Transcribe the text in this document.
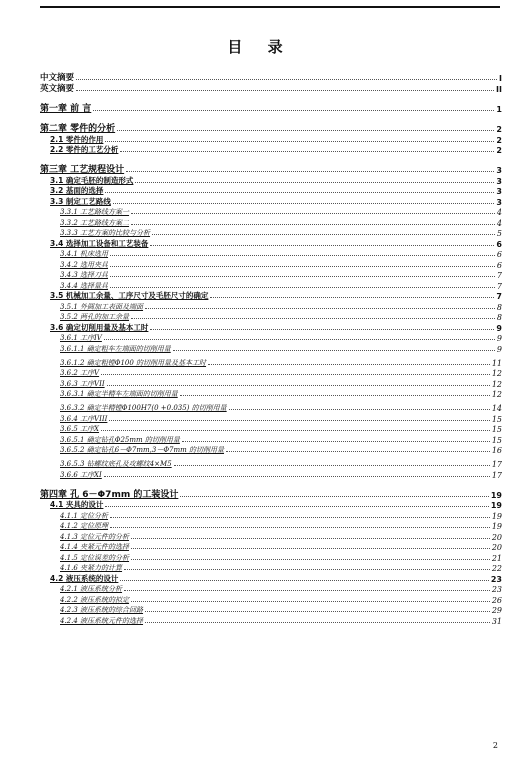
目 录
中文摘要	I
英文摘要	II
第一章 前 言	1
第二章 零件的分析	2
2.1 零件的作用	2
2.2 零件的工艺分析	2
第三章 工艺规程设计	3
3.1 确定毛胚的制造形式	3
3.2 基面的选择	3
3.3 制定工艺路线	3
3.3.1 工艺路线方案一	4
3.3.2 工艺路线方案二	4
3.3.3 工艺方案的比较与分析	5
3.4 选择加工设备和工艺装备	6
3.4.1 机床选用	6
3.4.2 选用夹具	6
3.4.3 选择刀具	7
3.4.4 选择量具	7
3.5 机械加工余量、工序尺寸及毛胚尺寸的确定	7
3.5.1 外圆加工表面及端面	8
3.5.2 两孔的加工余量	8
3.6 确定切削用量及基本工时	9
3.6.1 工序IV	9
3.6.1.1 确定粗车左端面的切削用量	9
3.6.1.2 确定粗镗Φ100 的切削用量及基本工时	11
3.6.2 工序V	12
3.6.3 工序VII	12
3.6.3.1 确定半精车左端面的切削用量	12
3.6.3.2 确定半精镗Φ100H7(0 +0.035) 的切削用量	14
3.6.4 工序VIII	15
3.6.5 工序X	15
3.6.5.1 确定钻孔Φ25mm 的切削用量	15
3.6.5.2 确定钻孔6－Φ7mm,3－Φ7mm 的切削用量	16
3.6.5.3 钻螺纹底孔及攻螺纹4×M5	17
3.6.6 工序XI	17
第四章 孔 6－Φ7mm 的工装设计	19
4.1 夹具的设计	19
4.1.1 定位分析	19
4.1.2 定位原理	19
4.1.3 定位元件的分析	20
4.1.4 夹紧元件的选择	20
4.1.5 定位误差的分析	21
4.1.6 夹紧力的计算	22
4.2 液压系统的设计	23
4.2.1 液压系统分析	23
4.2.2 液压系统的拟定	26
4.2.3 液压系统的综合回路	29
4.2.4 液压系统元件的选择	31
2
